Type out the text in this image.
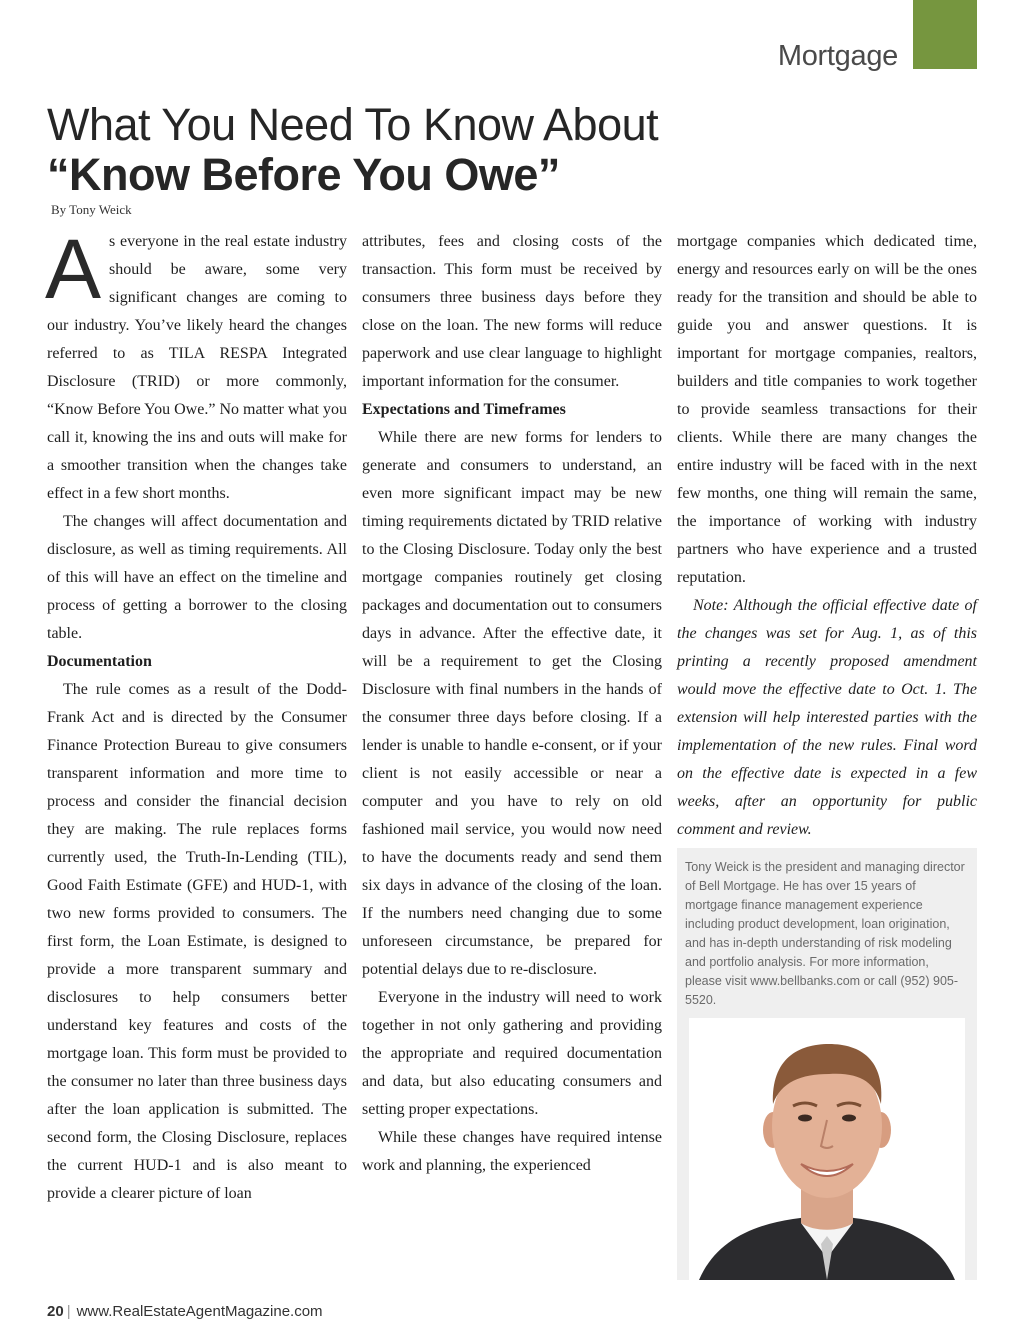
Mortgage
What You Need To Know About
“Know Before You Owe”
By Tony Weick

As everyone in the real estate industry should be aware, some very significant changes are coming to our industry. You’ve likely heard the changes referred to as TILA RESPA Integrated Disclosure (TRID) or more commonly, “Know Before You Owe.” No matter what you call it, knowing the ins and outs will make for a smoother transition when the changes take effect in a few short months.

The changes will affect documentation and disclosure, as well as timing requirements. All of this will have an effect on the timeline and process of getting a borrower to the closing table.

Documentation

The rule comes as a result of the Dodd-Frank Act and is directed by the Consumer Finance Protection Bureau to give consumers transparent information and more time to process and consider the financial decision they are making. The rule replaces forms currently used, the Truth-In-Lending (TIL), Good Faith Estimate (GFE) and HUD-1, with two new forms provided to consumers. The first form, the Loan Estimate, is designed to provide a more transparent summary and disclosures to help consumers better understand key features and costs of the mortgage loan. This form must be provided to the consumer no later than three business days after the loan application is submitted. The second form, the Closing Disclosure, replaces the current HUD-1 and is also meant to provide a clearer picture of loan

attributes, fees and closing costs of the transaction. This form must be received by consumers three business days before they close on the loan. The new forms will reduce paperwork and use clear language to highlight important information for the consumer.

Expectations and Timeframes

While there are new forms for lenders to generate and consumers to understand, an even more significant impact may be new timing requirements dictated by TRID relative to the Closing Disclosure. Today only the best mortgage companies routinely get closing packages and documentation out to consumers days in advance. After the effective date, it will be a requirement to get the Closing Disclosure with final numbers in the hands of the consumer three days before closing. If a lender is unable to handle e-consent, or if your client is not easily accessible or near a computer and you have to rely on old fashioned mail service, you would now need to have the documents ready and send them six days in advance of the closing of the loan. If the numbers need changing due to some unforeseen circumstance, be prepared for potential delays due to re-disclosure.

Everyone in the industry will need to work together in not only gathering and providing the appropriate and required documentation and data, but also educating consumers and setting proper expectations.

While these changes have required intense work and planning, the experienced

mortgage companies which dedicated time, energy and resources early on will be the ones ready for the transition and should be able to guide you and answer questions. It is important for mortgage companies, realtors, builders and title companies to work together to provide seamless transactions for their clients. While there are many changes the entire industry will be faced with in the next few months, one thing will remain the same, the importance of working with industry partners who have experience and a trusted reputation.

Note: Although the official effective date of the changes was set for Aug. 1, as of this printing a recently proposed amendment would move the effective date to Oct. 1. The extension will help interested parties with the implementation of the new rules. Final word on the effective date is expected in a few weeks, after an opportunity for public comment and review.

Tony Weick is the president and managing director of Bell Mortgage. He has over 15 years of mortgage finance management experience including product development, loan origination, and has in-depth understanding of risk modeling and portfolio analysis. For more information, please visit www.bellbanks.com or call (952) 905-5520.
20 | www.RealEstateAgentMagazine.com
